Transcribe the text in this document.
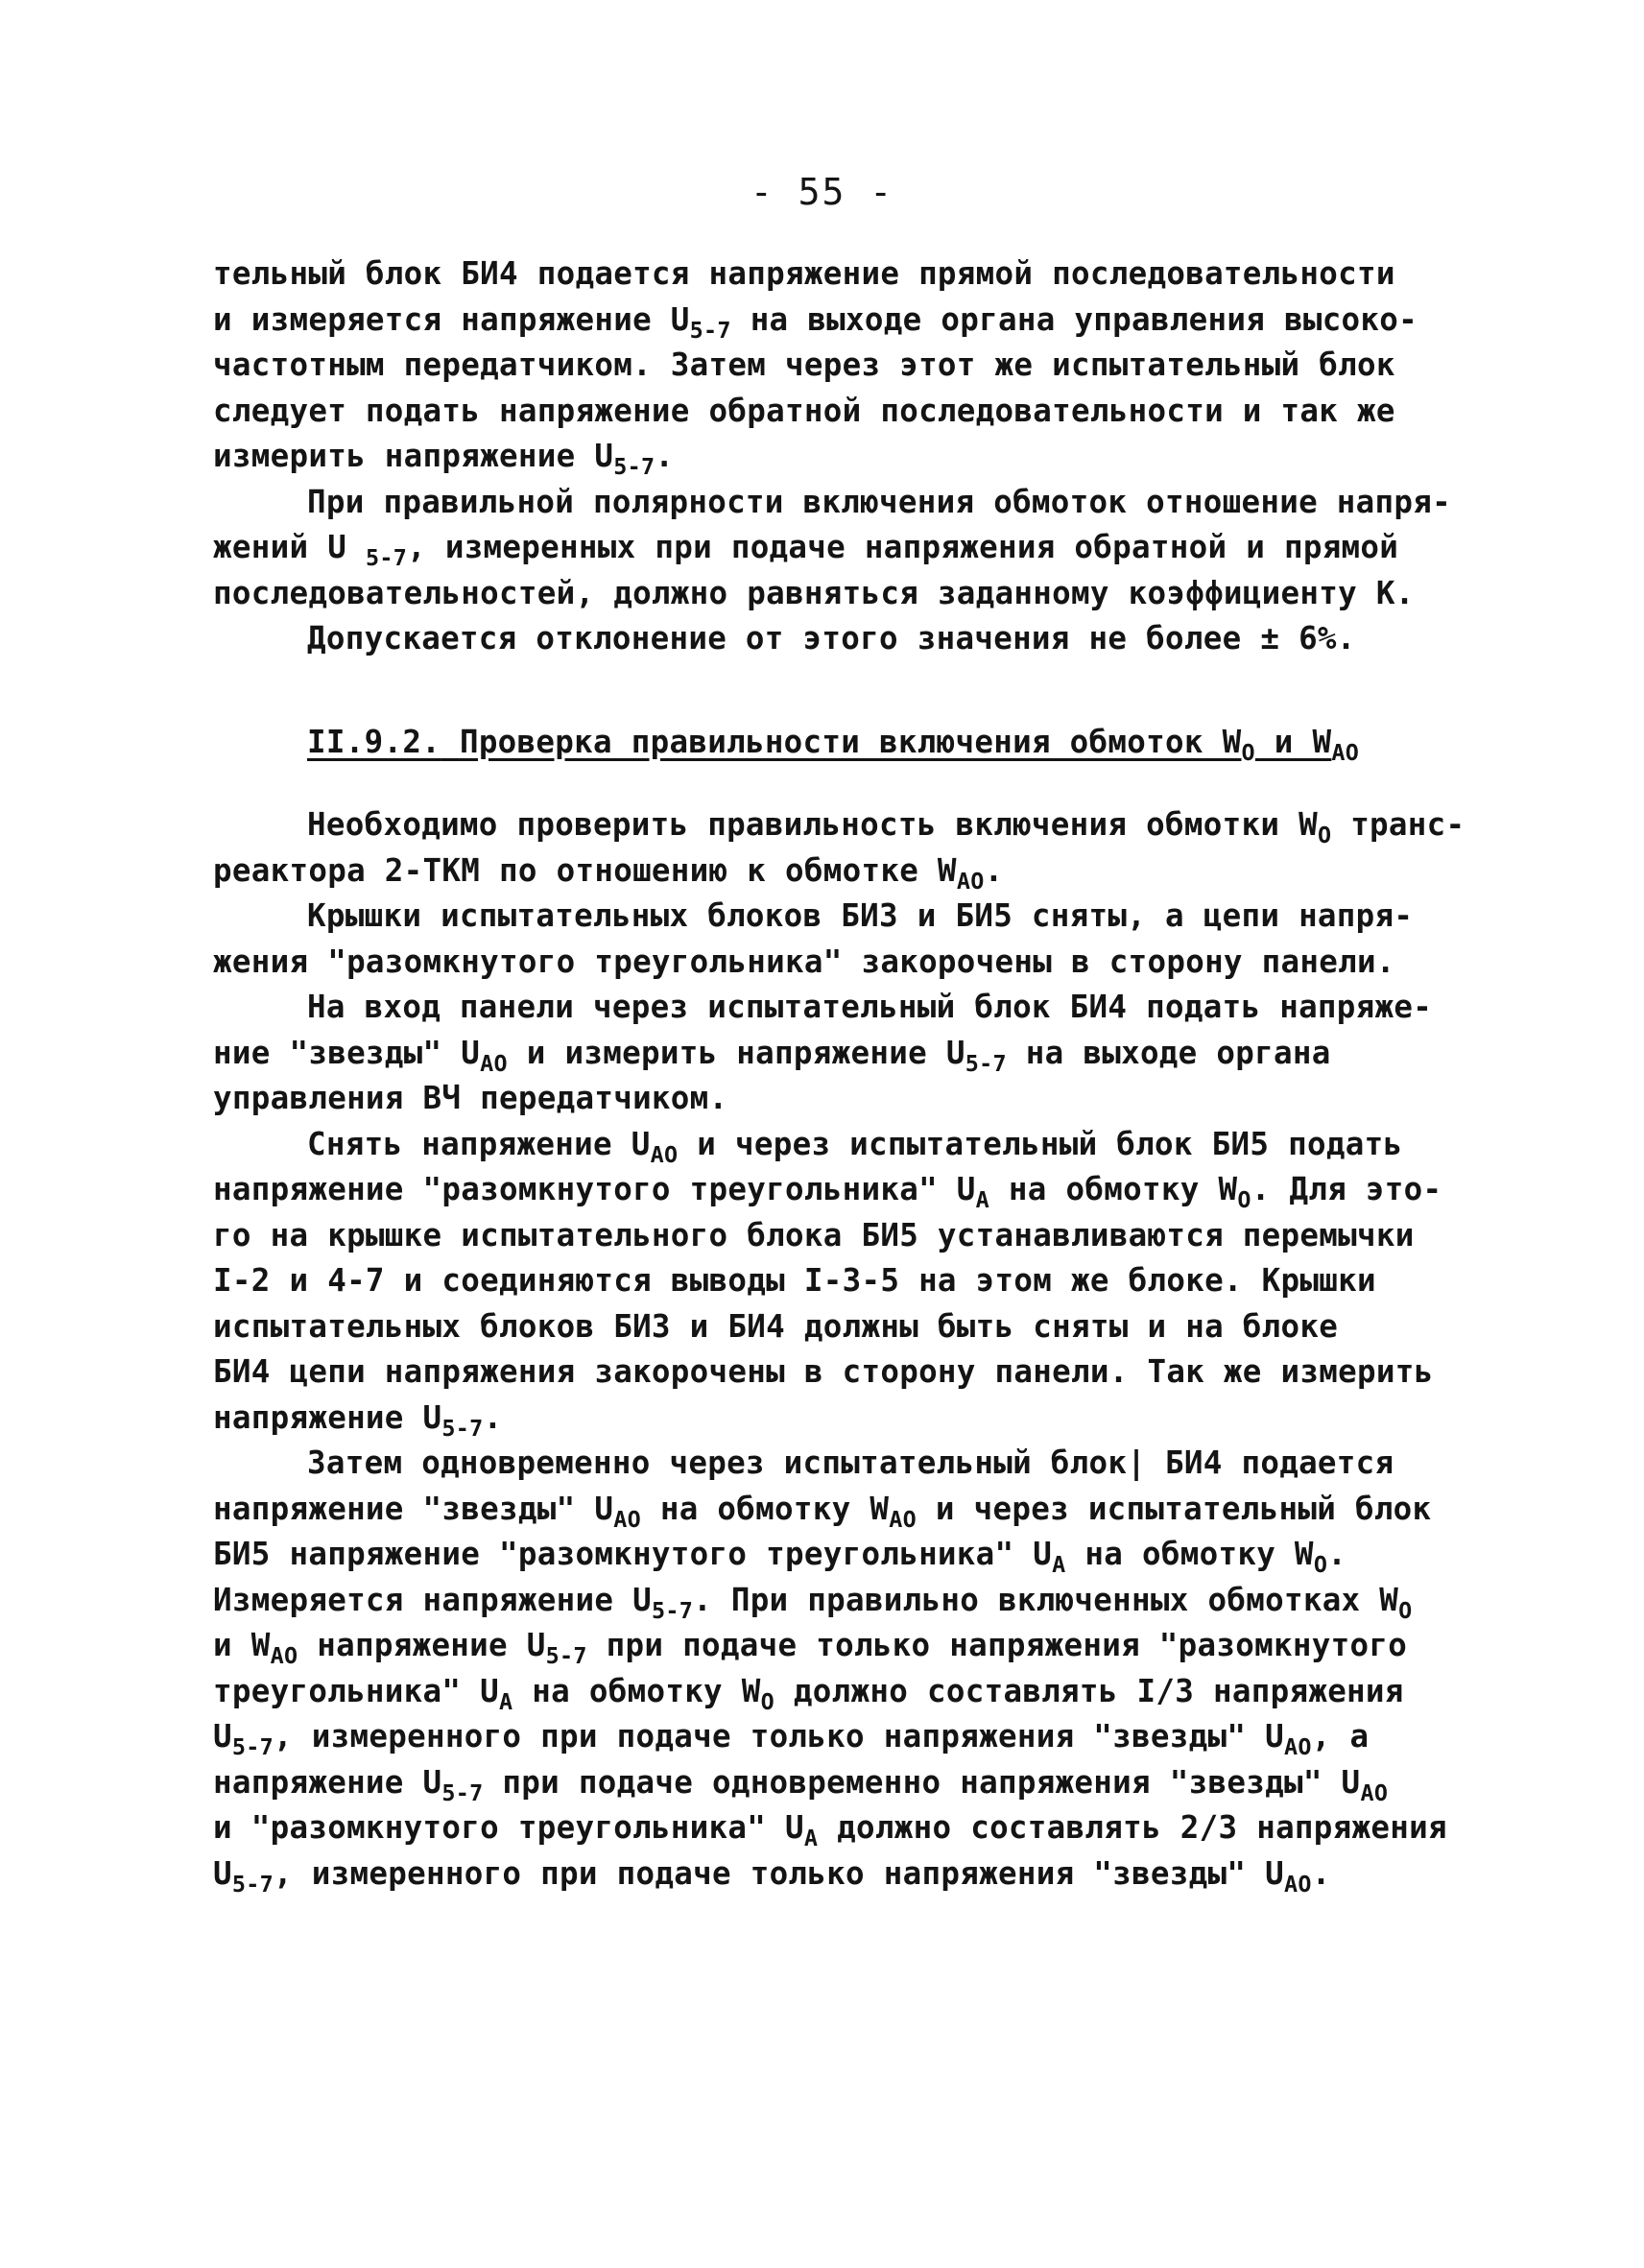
- 55 -
тельный блок БИ4 подается напряжение прямой последовательности
и измеряется напряжение $U_{5-7}$ на выходе органа управления высоко-
частотным передатчиком. Затем через этот же испытательный блок
следует подать напряжение обратной последовательности и так же
измерить напряжение $U_{5-7}$.
При правильной полярности включения обмоток отношение напря-
жений U $_{5-7}$, измеренных при подаче напряжения обратной и прямой
последовательностей, должно равняться заданному коэффициенту К.
Допускается отклонение от этого значения не более ± 6%.
II.9.2. Проверка правильности включения обмоток $W_O$ и $W_{AO}$
Необходимо проверить правильность включения обмотки $W_O$ транс-
реактора 2-ТКМ по отношению к обмотке $W_{AO}$.
Крышки испытательных блоков БИЗ и БИ5 сняты, а цепи напря-
жения "разомкнутого треугольника" закорочены в сторону панели.
На вход панели через испытательный блок БИ4 подать напряже-
ние "звезды" $U_{AO}$ и измерить напряжение $U_{5-7}$ на выходе органа
управления ВЧ передатчиком.
Снять напряжение $U_{AO}$ и через испытательный блок БИ5 подать
напряжение "разомкнутого треугольника" $U_A$ на обмотку $W_O$. Для это-
го на крышке испытательного блока БИ5 устанавливаются перемычки
I-2 и 4-7 и соединяются выводы I-3-5 на этом же блоке. Крышки
испытательных блоков БИЗ и БИ4 должны быть сняты и на блоке
БИ4 цепи напряжения закорочены в сторону панели. Так же измерить
напряжение $U_{5-7}$.
Затем одновременно через испытательный блок| БИ4 подается
напряжение "звезды" $U_{AO}$ на обмотку $W_{AO}$ и через испытательный блок
БИ5 напряжение "разомкнутого треугольника" $U_A$ на обмотку $W_O$.
Измеряется напряжение $U_{5-7}$. При правильно включенных обмотках $W_O$
и $W_{AO}$ напряжение $U_{5-7}$ при подаче только напряжения "разомкнутого
треугольника" $U_A$ на обмотку $W_O$ должно составлять I/3 напряжения
$U_{5-7}$, измеренного при подаче только напряжения "звезды" $U_{AO}$, а
напряжение $U_{5-7}$ при подаче одновременно напряжения "звезды" $U_{AO}$
и "разомкнутого треугольника" $U_A$ должно составлять 2/3 напряжения
$U_{5-7}$, измеренного при подаче только напряжения "звезды" $U_{AO}$.
